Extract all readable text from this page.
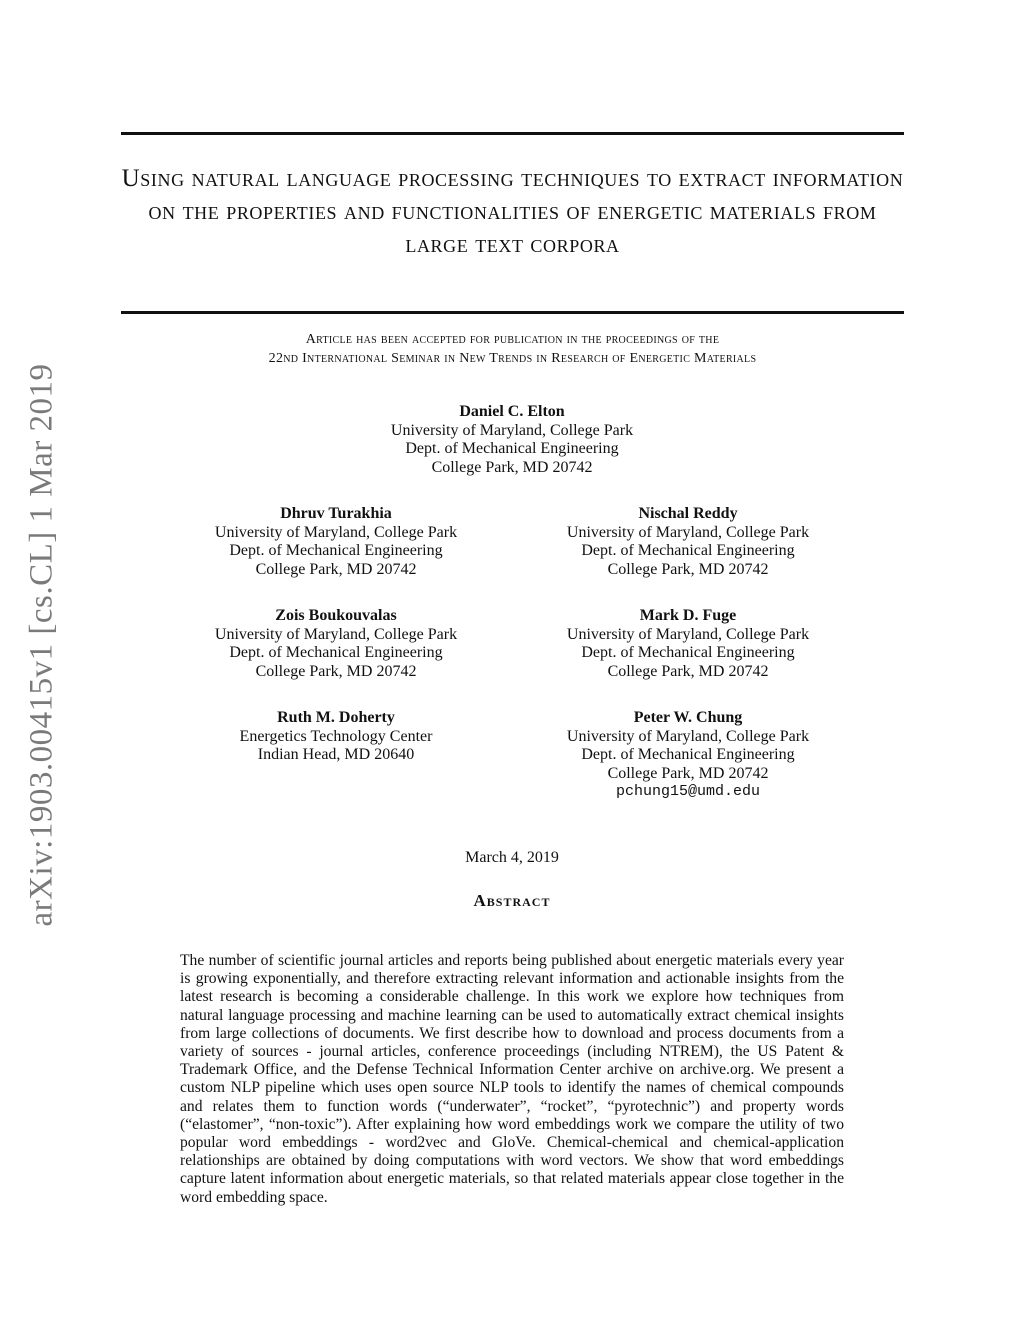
arXiv:1903.00415v1 [cs.CL] 1 Mar 2019
Using natural language processing techniques to extract information on the properties and functionalities of energetic materials from large text corpora
Article has been accepted for publication in the proceedings of the
22nd International Seminar in New Trends in Research of Energetic Materials
Daniel C. Elton
University of Maryland, College Park
Dept. of Mechanical Engineering
College Park, MD 20742
Dhruv Turakhia
University of Maryland, College Park
Dept. of Mechanical Engineering
College Park, MD 20742
Nischal Reddy
University of Maryland, College Park
Dept. of Mechanical Engineering
College Park, MD 20742
Zois Boukouvalas
University of Maryland, College Park
Dept. of Mechanical Engineering
College Park, MD 20742
Mark D. Fuge
University of Maryland, College Park
Dept. of Mechanical Engineering
College Park, MD 20742
Ruth M. Doherty
Energetics Technology Center
Indian Head, MD 20640
Peter W. Chung
University of Maryland, College Park
Dept. of Mechanical Engineering
College Park, MD 20742
pchung15@umd.edu
March 4, 2019
Abstract
The number of scientific journal articles and reports being published about energetic materials every year is growing exponentially, and therefore extracting relevant information and actionable insights from the latest research is becoming a considerable challenge. In this work we explore how techniques from natural language processing and machine learning can be used to automatically extract chemical insights from large collections of documents. We first describe how to download and process documents from a variety of sources - journal articles, conference proceedings (including NTREM), the US Patent & Trademark Office, and the Defense Technical Information Center archive on archive.org. We present a custom NLP pipeline which uses open source NLP tools to identify the names of chemical compounds and relates them to function words (“underwater”, “rocket”, “pyrotechnic”) and property words (“elastomer”, “non-toxic”). After explaining how word embeddings work we compare the utility of two popular word embeddings - word2vec and GloVe. Chemical-chemical and chemical-application relationships are obtained by doing computations with word vectors. We show that word embeddings capture latent information about energetic materials, so that related materials appear close together in the word embedding space.
